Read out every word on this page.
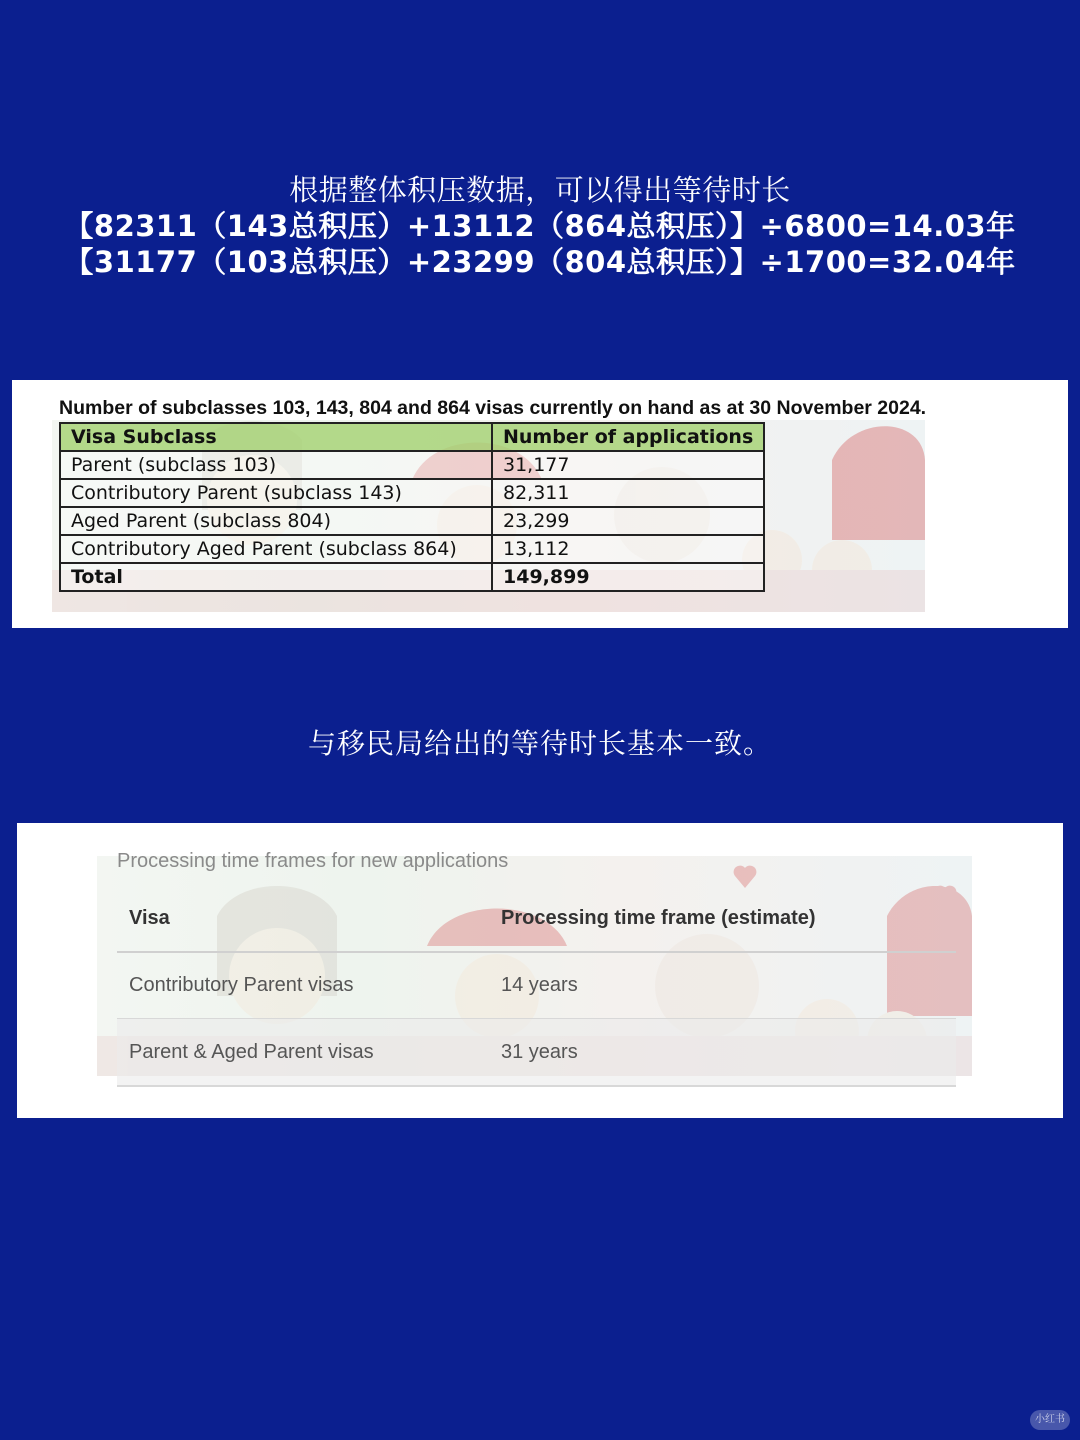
根据整体积压数据，可以得出等待时长
【82311（143总积压）+13112（864总积压）】÷6800=14.03年
【31177（103总积压）+23299（804总积压）】÷1700=32.04年
Number of subclasses 103, 143, 804 and 864 visas currently on hand as at 30 November 2024.
Visa Subclass	Number of applications
Parent (subclass 103)	31,177
Contributory Parent (subclass 143)	82,311
Aged Parent (subclass 804)	23,299
Contributory Aged Parent (subclass 864)	13,112
Total	149,899
与移民局给出的等待时长基本一致。
Processing time frames for new applications
Visa	Processing time frame (estimate)
Contributory Parent visas	14 years
Parent & Aged Parent visas	31 years
小红书
